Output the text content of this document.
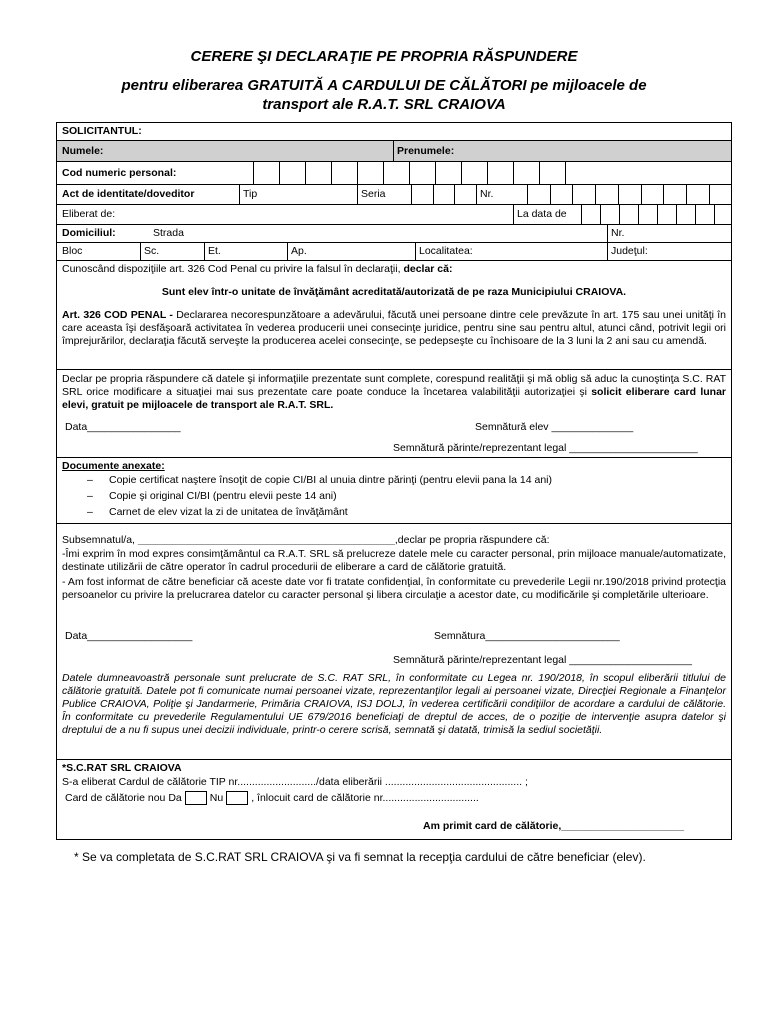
CERERE ŞI DECLARAŢIE PE PROPRIA RĂSPUNDERE
pentru eliberarea GRATUITĂ A CARDULUI DE CĂLĂTORI pe mijloacele de
transport ale R.A.T. SRL CRAIOVA
SOLICITANTUL:
Numele:	Prenumele:
Cod numeric personal:
Act de identitate/doveditor	Tip	Seria	Nr.
Eliberat de:	La data de
Domiciliul:	Strada	Nr.
Bloc	Sc.	Et.	Ap.	Localitatea:	Judeţul:
Cunoscând dispoziţiile art. 326 Cod Penal cu privire la falsul în declaraţii, declar că:
Sunt elev într-o unitate de învăţământ acreditată/autorizată de pe raza Municipiului CRAIOVA.
Art. 326 COD PENAL - Declararea necorespunzătoare a adevărului, făcută unei persoane dintre cele prevăzute în art. 175 sau unei unităţi în care aceasta îşi desfăşoară activitatea în vederea producerii unei consecinţe juridice, pentru sine sau pentru altul, atunci când, potrivit legii ori împrejurărilor, declaraţia făcută serveşte la producerea acelei consecinţe, se pedepseşte cu închisoare de la 3 luni la 2 ani sau cu amendă.
Declar pe propria răspundere că datele şi informaţiile prezentate sunt complete, corespund realităţii şi mă oblig să aduc la cunoştinţa S.C. RAT SRL orice modificare a situaţiei mai sus prezentate care poate conduce la încetarea valabilităţii autorizaţiei şi solicit eliberare card lunar elevi, gratuit pe mijloacele de transport ale R.A.T. SRL.
Data________________	Semnătură elev ______________
Semnătură părinte/reprezentant legal ______________________
Documente anexate:
– Copie certificat naştere însoţit de copie CI/BI al unuia dintre părinţi (pentru elevii pana la 14 ani)
– Copie şi original CI/BI (pentru elevii peste 14 ani)
– Carnet de elev vizat la zi de unitatea de învăţământ
Subsemnatul/a, ____________________________________________,declar pe propria răspundere că:
-Îmi exprim în mod expres consimţământul ca R.A.T. SRL să prelucreze datele mele cu caracter personal, prin mijloace manuale/automatizate, destinate utilizării de către operator în cadrul procedurii de eliberare a card de călătorie gratuită.
- Am fost informat de către beneficiar că aceste date vor fi tratate confidenţial, în conformitate cu prevederile Legii nr.190/2018 privind protecţia persoanelor cu privire la prelucrarea datelor cu caracter personal şi libera circulaţie a acestor date, cu modificările şi completările ulterioare.
Data__________________	Semnătura_______________________
Semnătură părinte/reprezentant legal _____________________
Datele dumneavoastră personale sunt prelucrate de S.C. RAT SRL, în conformitate cu Legea nr. 190/2018, în scopul eliberării titlului de călătorie gratuită. Datele pot fi comunicate numai persoanei vizate, reprezentanţilor legali ai persoanei vizate, Direcţiei Regionale a Finanţelor Publice CRAIOVA, Poliţie şi Jandarmerie, Primăria CRAIOVA, ISJ DOLJ, în vederea certificării condiţiilor de acordare a cardului de călătorie. În conformitate cu prevederile Regulamentului UE 679/2016 beneficiaţi de dreptul de acces, de o poziţie de intervenţie asupra datelor şi dreptului de a nu fi supus unei decizii individuale, printr-o cerere scrisă, semnată şi datată, trimisă la sediul societăţii.
*S.C.RAT SRL CRAIOVA
S-a eliberat Cardul de călătorie TIP nr.........................../data eliberării ............................................... ;
Card de călătorie nou Da	Nu	, înlocuit card de călătorie nr.................................
Am primit card de călătorie,_____________________
* Se va completata de S.C.RAT SRL CRAIOVA şi va fi semnat la recepţia cardului de către beneficiar (elev).
